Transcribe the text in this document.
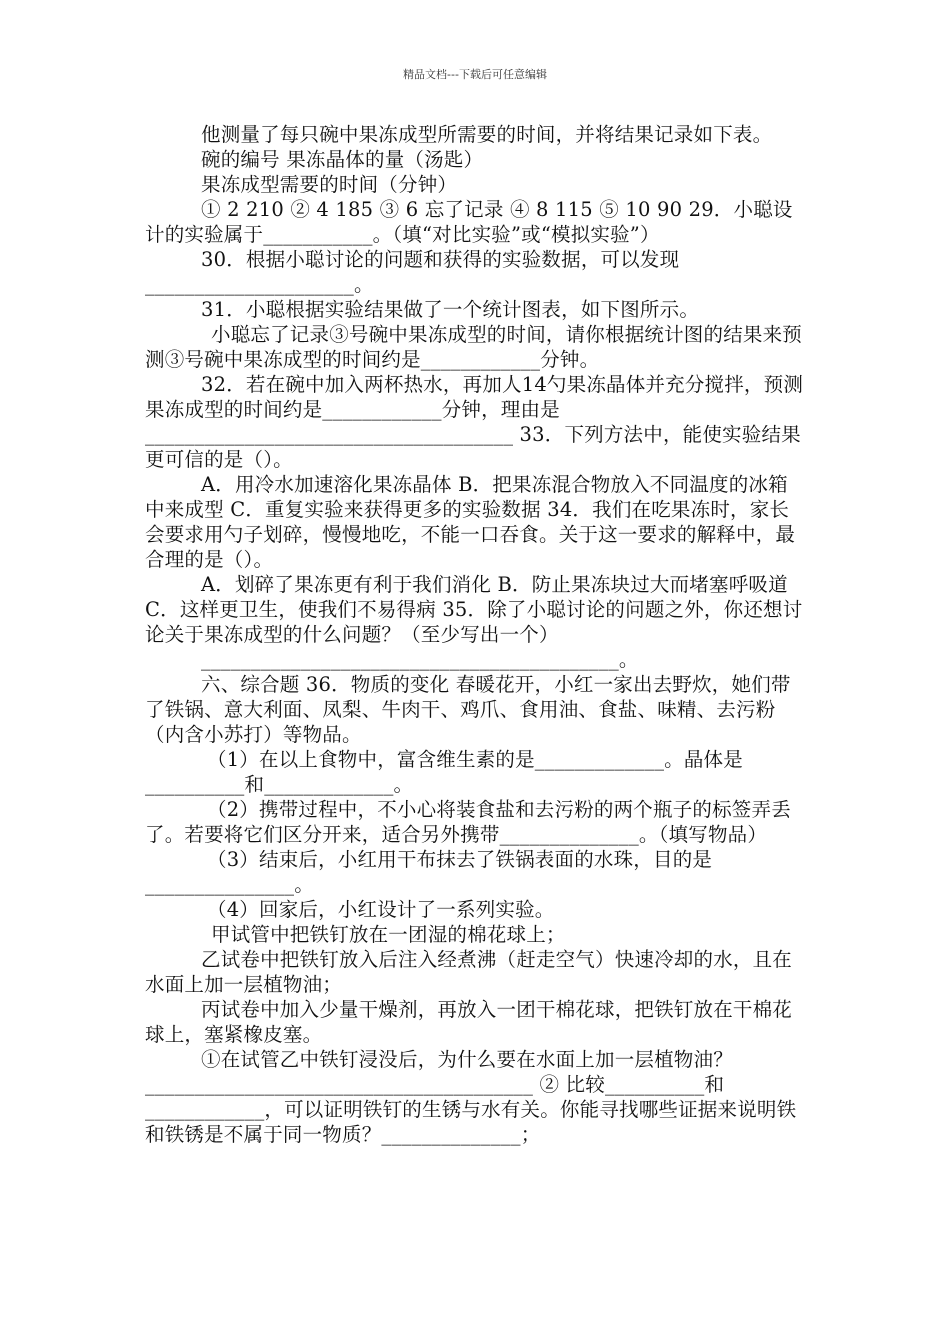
精品文档---下载后可任意编辑

他测量了每只碗中果冻成型所需要的时间，并将结果记录如下表。

碗的编号 果冻晶体的量（汤匙）

果冻成型需要的时间（分钟）

① 2 210 ② 4 185 ③ 6 忘了记录 ④ 8 115 ⑤ 10 90 29．小聪设计的实验属于___________。（填“对比实验”或“模拟实验”）

30．根据小聪讨论的问题和获得的实验数据，可以发现_____________________。

31．小聪根据实验结果做了一个统计图表，如下图所示。

小聪忘了记录③号碗中果冻成型的时间，请你根据统计图的结果来预测③号碗中果冻成型的时间约是____________分钟。

32．若在碗中加入两杯热水，再加人14勺果冻晶体并充分搅拌，预测果冻成型的时间约是____________分钟，理由是_____________________________________ 33．下列方法中，能使实验结果更可信的是（）。

A．用冷水加速溶化果冻晶体 B．把果冻混合物放入不同温度的冰箱中来成型 C．重复实验来获得更多的实验数据 34．我们在吃果冻时，家长会要求用勺子划碎，慢慢地吃，不能一口吞食。关于这一要求的解释中，最合理的是（）。

A．划碎了果冻更有利于我们消化 B．防止果冻块过大而堵塞呼吸道 C．这样更卫生，使我们不易得病 35．除了小聪讨论的问题之外，你还想讨论关于果冻成型的什么问题？（至少写出一个）

__________________________________________。

六、综合题 36．物质的变化 春暖花开，小红一家出去野炊，她们带了铁锅、意大利面、凤梨、牛肉干、鸡爪、食用油、食盐、味精、去污粉（内含小苏打）等物品。

（1）在以上食物中，富含维生素的是_____________。晶体是__________和_____________。

（2）携带过程中，不小心将装食盐和去污粉的两个瓶子的标签弄丢了。若要将它们区分开来，适合另外携带______________。（填写物品）

（3）结束后，小红用干布抹去了铁锅表面的水珠，目的是_______________。

（4）回家后，小红设计了一系列实验。

甲试管中把铁钉放在一团湿的棉花球上；

乙试卷中把铁钉放入后注入经煮沸（赶走空气）快速冷却的水，且在水面上加一层植物油；

丙试卷中加入少量干燥剂，再放入一团干棉花球，把铁钉放在干棉花球上，塞紧橡皮塞。

①在试管乙中铁钉浸没后，为什么要在水面上加一层植物油？_______________________________________ ② 比较__________和____________，可以证明铁钉的生锈与水有关。你能寻找哪些证据来说明铁和铁锈是不属于同一物质？______________；
